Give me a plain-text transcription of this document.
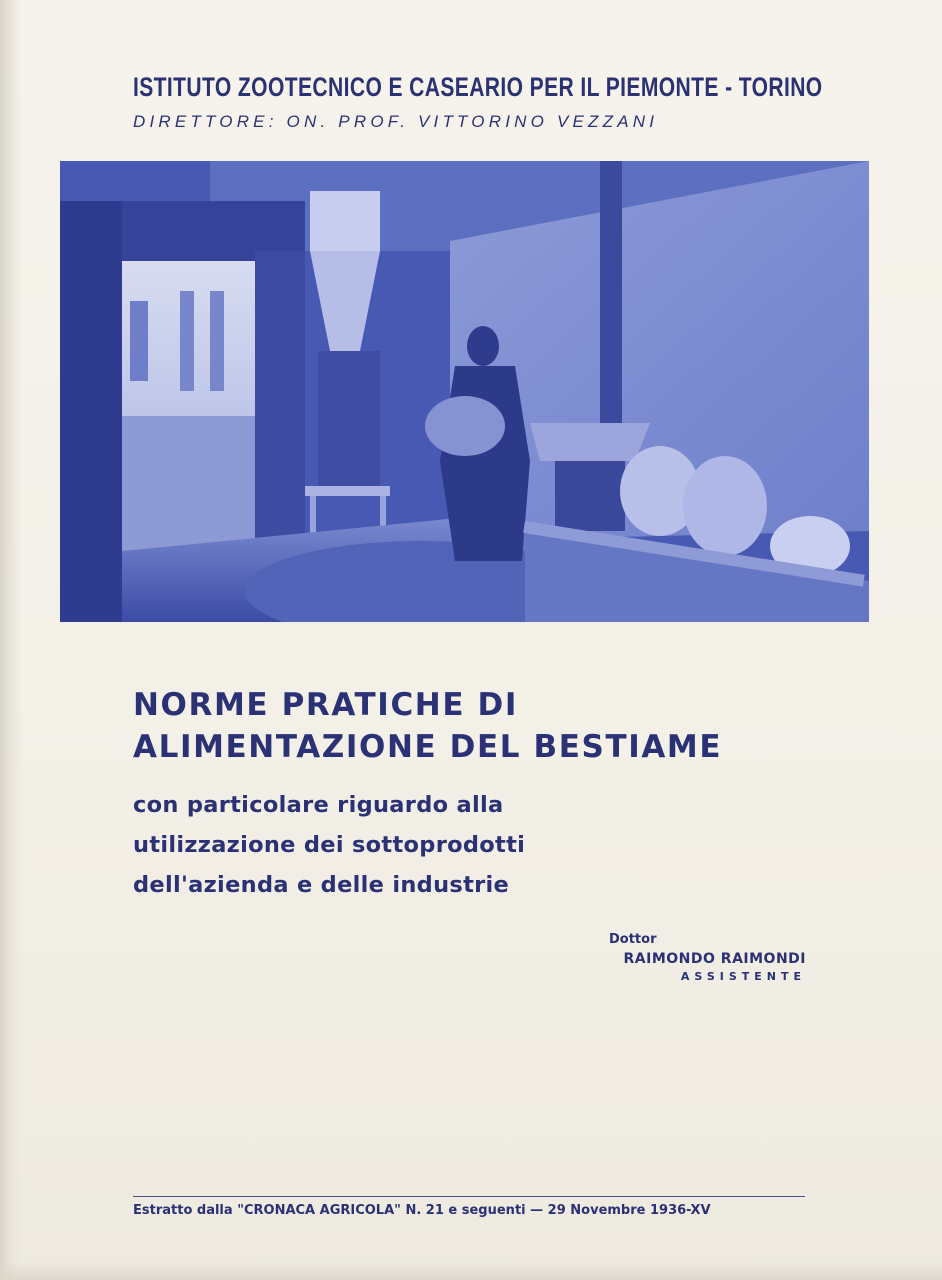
ISTITUTO ZOOTECNICO E CASEARIO PER IL PIEMONTE - TORINO
DIRETTORE: ON. PROF. VITTORINO VEZZANI
NORME PRATICHE DI
ALIMENTAZIONE DEL BESTIAME
con particolare riguardo alla
utilizzazione dei sottoprodotti
dell'azienda e delle industrie
Dottor
RAIMONDO RAIMONDI
ASSISTENTE
Estratto dalla "CRONACA AGRICOLA" N. 21 e seguenti — 29 Novembre 1936-XV
